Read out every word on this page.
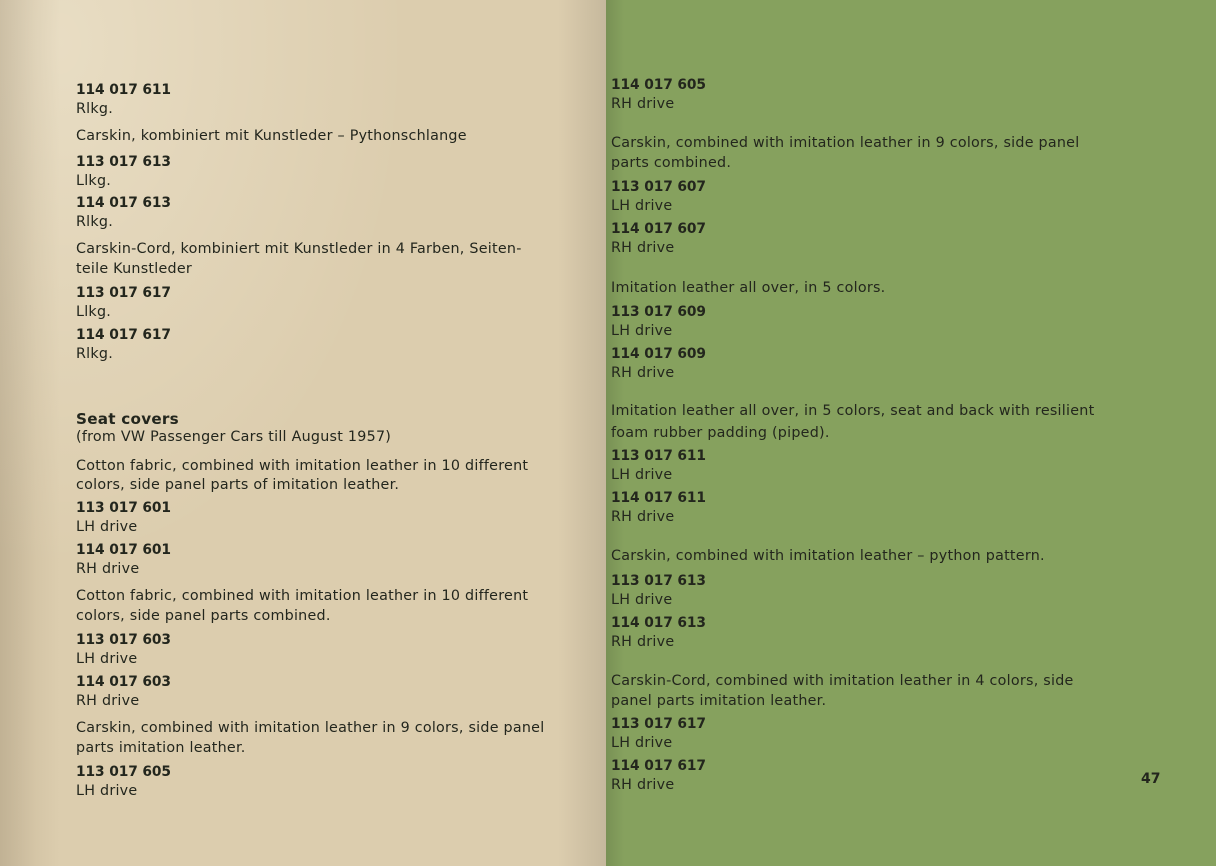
114 017 611

Rlkg.

Carskin, kombiniert mit Kunstleder – Pythonschlange

113 017 613

Llkg.

114 017 613

Rlkg.

Carskin-Cord, kombiniert mit Kunstleder in 4 Farben, Seiten-

teile Kunstleder

113 017 617

Llkg.

114 017 617

Rlkg.

Seat covers

(from VW Passenger Cars till August 1957)

Cotton fabric, combined with imitation leather in 10 different

colors, side panel parts of imitation leather.

113 017 601

LH drive

114 017 601

RH drive

Cotton fabric, combined with imitation leather in 10 different

colors, side panel parts combined.

113 017 603

LH drive

114 017 603

RH drive

Carskin, combined with imitation leather in 9 colors, side panel

parts imitation leather.

113 017 605

LH drive

114 017 605

RH drive

Carskin, combined with imitation leather in 9 colors, side panel

parts combined.

113 017 607

LH drive

114 017 607

RH drive

Imitation leather all over, in 5 colors.

113 017 609

LH drive

114 017 609

RH drive

Imitation leather all over, in 5 colors, seat and back with resilient

foam rubber padding (piped).

113 017 611

LH drive

114 017 611

RH drive

Carskin, combined with imitation leather – python pattern.

113 017 613

LH drive

114 017 613

RH drive

Carskin-Cord, combined with imitation leather in 4 colors, side

panel parts imitation leather.

113 017 617

LH drive

114 017 617

RH drive	47
